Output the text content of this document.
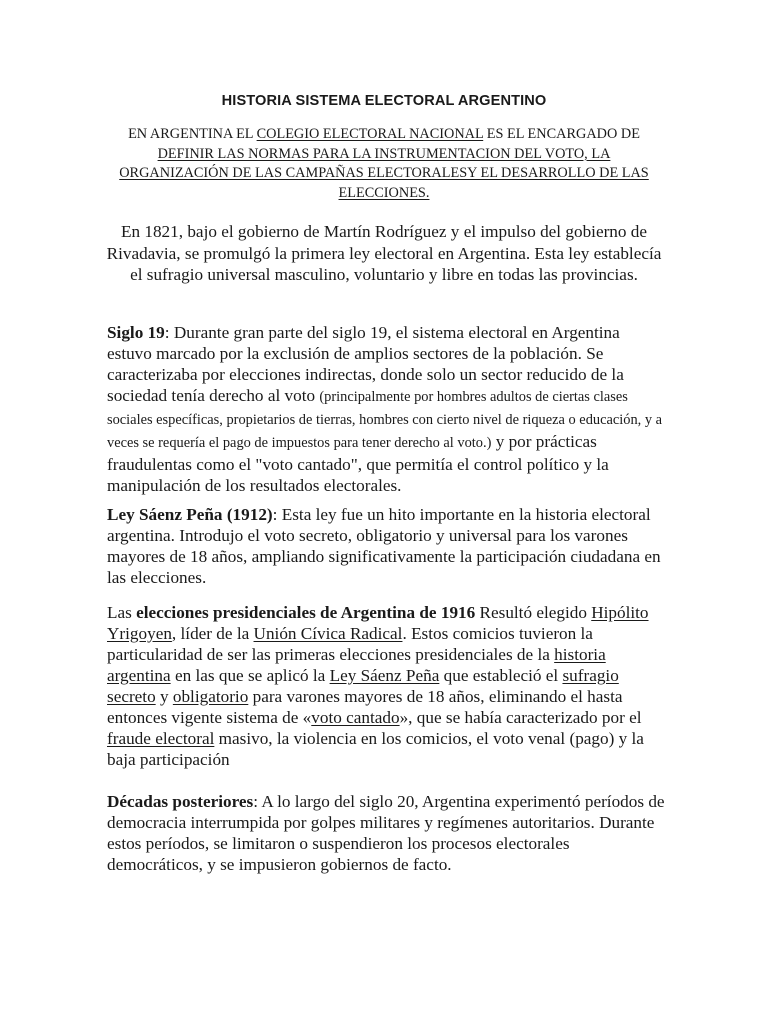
HISTORIA SISTEMA ELECTORAL ARGENTINO

EN ARGENTINA EL COLEGIO ELECTORAL NACIONAL ES EL ENCARGADO DE DEFINIR LAS NORMAS PARA LA INSTRUMENTACION DEL VOTO, LA ORGANIZACIÓN DE LAS CAMPAÑAS ELECTORALESY EL DESARROLLO DE LAS ELECCIONES.

En 1821, bajo el gobierno de Martín Rodríguez y el impulso del gobierno de Rivadavia, se promulgó la primera ley electoral en Argentina. Esta ley establecía el sufragio universal masculino, voluntario y libre en todas las provincias.

Siglo 19: Durante gran parte del siglo 19, el sistema electoral en Argentina estuvo marcado por la exclusión de amplios sectores de la población. Se caracterizaba por elecciones indirectas, donde solo un sector reducido de la sociedad tenía derecho al voto (principalmente por hombres adultos de ciertas clases sociales específicas, propietarios de tierras, hombres con cierto nivel de riqueza o educación, y a veces se requería el pago de impuestos para tener derecho al voto.) y por prácticas fraudulentas como el "voto cantado", que permitía el control político y la manipulación de los resultados electorales.

Ley Sáenz Peña (1912): Esta ley fue un hito importante en la historia electoral argentina. Introdujo el voto secreto, obligatorio y universal para los varones mayores de 18 años, ampliando significativamente la participación ciudadana en las elecciones.

Las elecciones presidenciales de Argentina de 1916 Resultó elegido Hipólito Yrigoyen, líder de la Unión Cívica Radical. Estos comicios tuvieron la particularidad de ser las primeras elecciones presidenciales de la historia argentina en las que se aplicó la Ley Sáenz Peña que estableció el sufragio secreto y obligatorio para varones mayores de 18 años, eliminando el hasta entonces vigente sistema de «voto cantado», que se había caracterizado por el fraude electoral masivo, la violencia en los comicios, el voto venal (pago) y la baja participación

Décadas posteriores: A lo largo del siglo 20, Argentina experimentó períodos de democracia interrumpida por golpes militares y regímenes autoritarios. Durante estos períodos, se limitaron o suspendieron los procesos electorales democráticos, y se impusieron gobiernos de facto.
